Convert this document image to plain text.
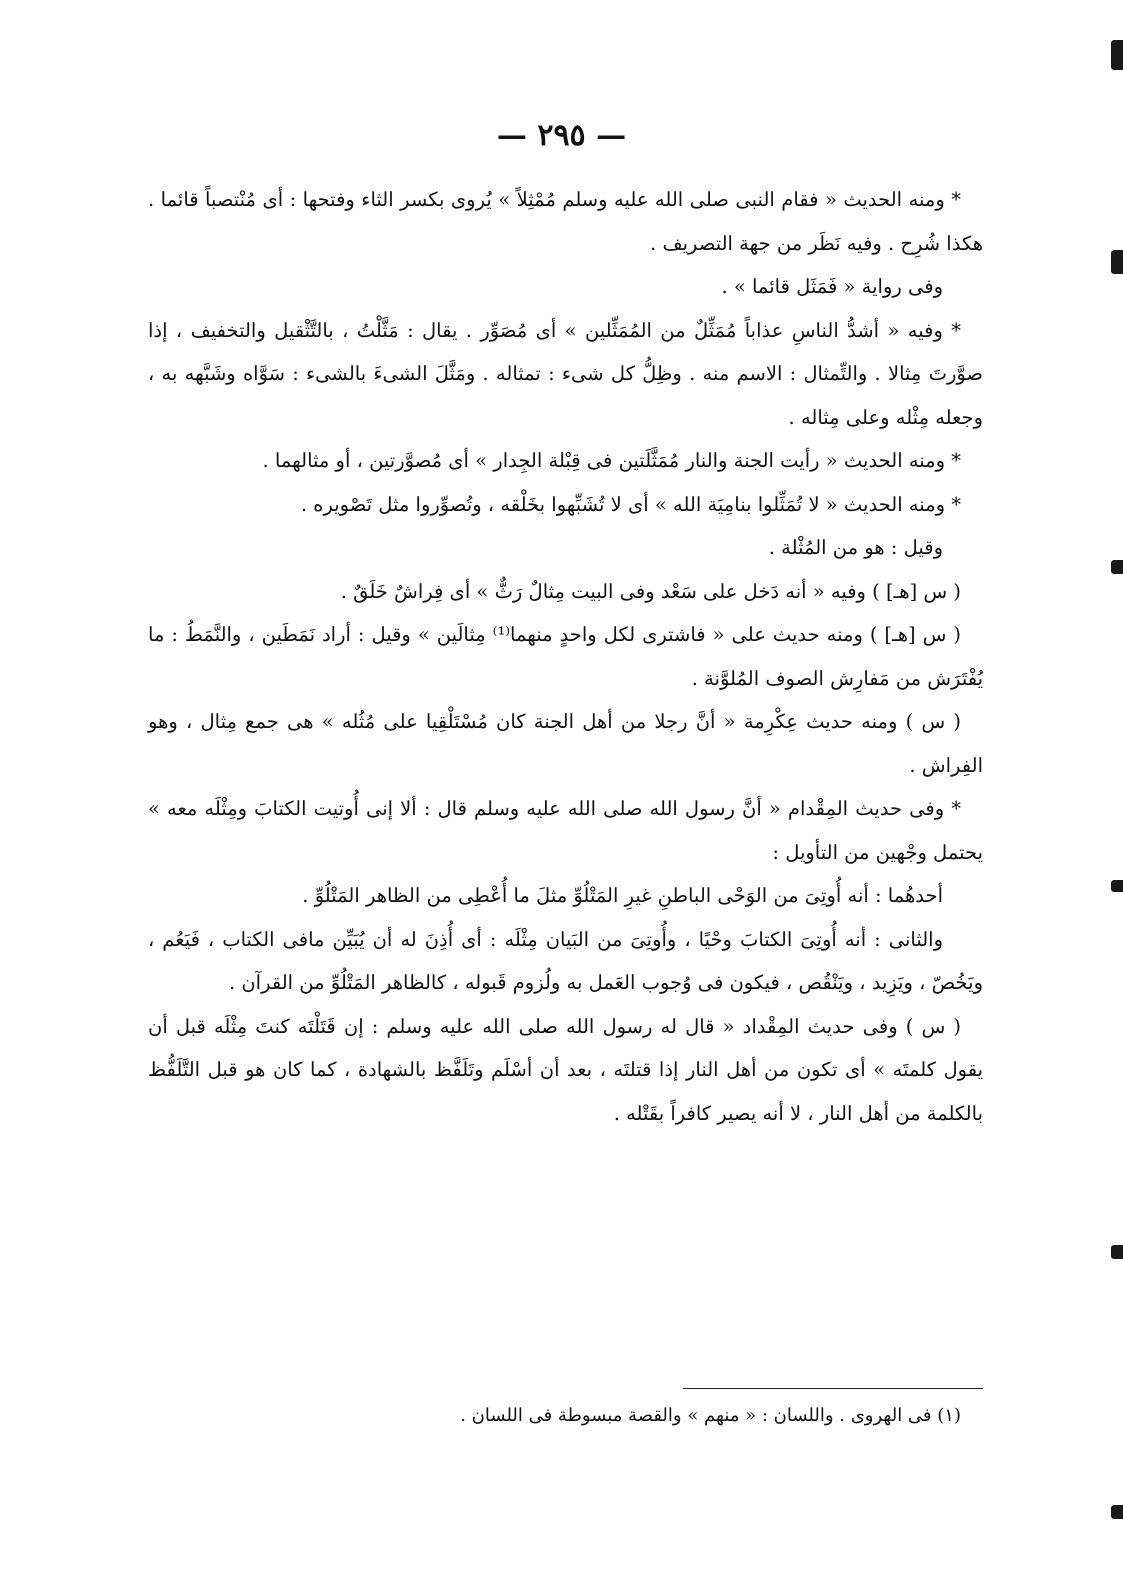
— ٢٩٥ —

* ومنه الحديث « فقام النبى صلى الله عليه وسلم مُمْثِلاً » يُروى بكسر الثاء وفتحها : أى مُنْتصباً قائما . هكذا شُرِح . وفيه نَظَر من جهة التصريف .

وفى رواية « فَمَثَل قائما » .

* وفيه « أشدُّ الناسِ عذاباً مُمَثِّلٌ من المُمَثِّلين » أى مُصَوِّر . يقال : مَثَّلْتُ ، بالتَّثْقيل والتخفيف ، إذا صوَّرتَ مِثالا . والتِّمثال : الاسم منه . وظِلُّ كل شىء : تمثاله . ومَثَّلَ الشىءَ بالشىء : سَوَّاه وشَبَّهه به ، وجعله مِثْله وعلى مِثاله .

* ومنه الحديث « رأيت الجنة والنار مُمَثَّلَتين فى قِبْلة الجِدار » أى مُصوَّرتين ، أو مثالهما .

* ومنه الحديث « لا تُمَثِّلوا بنامِيَة الله » أى لا تُشَبِّهوا بخَلْقه ، وتُصوِّروا مثل تَصْويره .

وقيل : هو من المُثْلة .

( س [هـ] ) وفيه « أنه دَخل على سَعْد وفى البيت مِثالٌ رَثٌّ » أى فِراشٌ خَلَقٌ .

( س [هـ] ) ومنه حديث على « فاشترى لكل واحدٍ منهما⁽¹⁾ مِثالَين » وقيل : أراد نَمَطَين ، والنَّمَطُ : ما يُفْتَرَش من مَفارِش الصوف المُلوَّنة .

( س ) ومنه حديث عِكْرِمة « أنَّ رجلا من أهل الجنة كان مُسْتَلْقِيا على مُثُله » هى جمع مِثال ، وهو الفِراش .

* وفى حديث المِقْدام « أنَّ رسول الله صلى الله عليه وسلم قال : ألا إنى أُوتيت الكتابَ ومِثْلَه معه » يحتمل وجْهين من التأويل :

أحدهُما : أنه أُوتِىَ من الوَحْى الباطنِ غيرِ المَتْلُوِّ مثلَ ما أُعْطِى من الظاهر المَتْلُوِّ .

والثانى : أنه أُوتِىَ الكتابَ وحْيًا ، وأُوتِىَ من البَيان مِثْلَه : أى أُذِنَ له أن يُبَيِّن مافى الكتاب ، فَيَعُم ، ويَخُصّ ، ويَزِيد ، ويَنْقُص ، فيكون فى وُجوب العَمل به ولُزوم قَبوله ، كالظاهر المَتْلُوِّ من القرآن .

( س ) وفى حديث المِقْداد « قال له رسول الله صلى الله عليه وسلم : إن قَتَلْتَه كنتَ مِثْلَه قبل أن يقول كلمتَه » أى تكون من أهل النار إذا قتلتَه ، بعد أن أسْلَم وتَلَفَّظ بالشهادة ، كما كان هو قبل التَّلَفُّظ بالكلمة من أهل النار ، لا أنه يصير كافراً بقَتْله .

(١) فى الهروى . واللسان : « منهم » والقصة مبسوطة فى اللسان .
